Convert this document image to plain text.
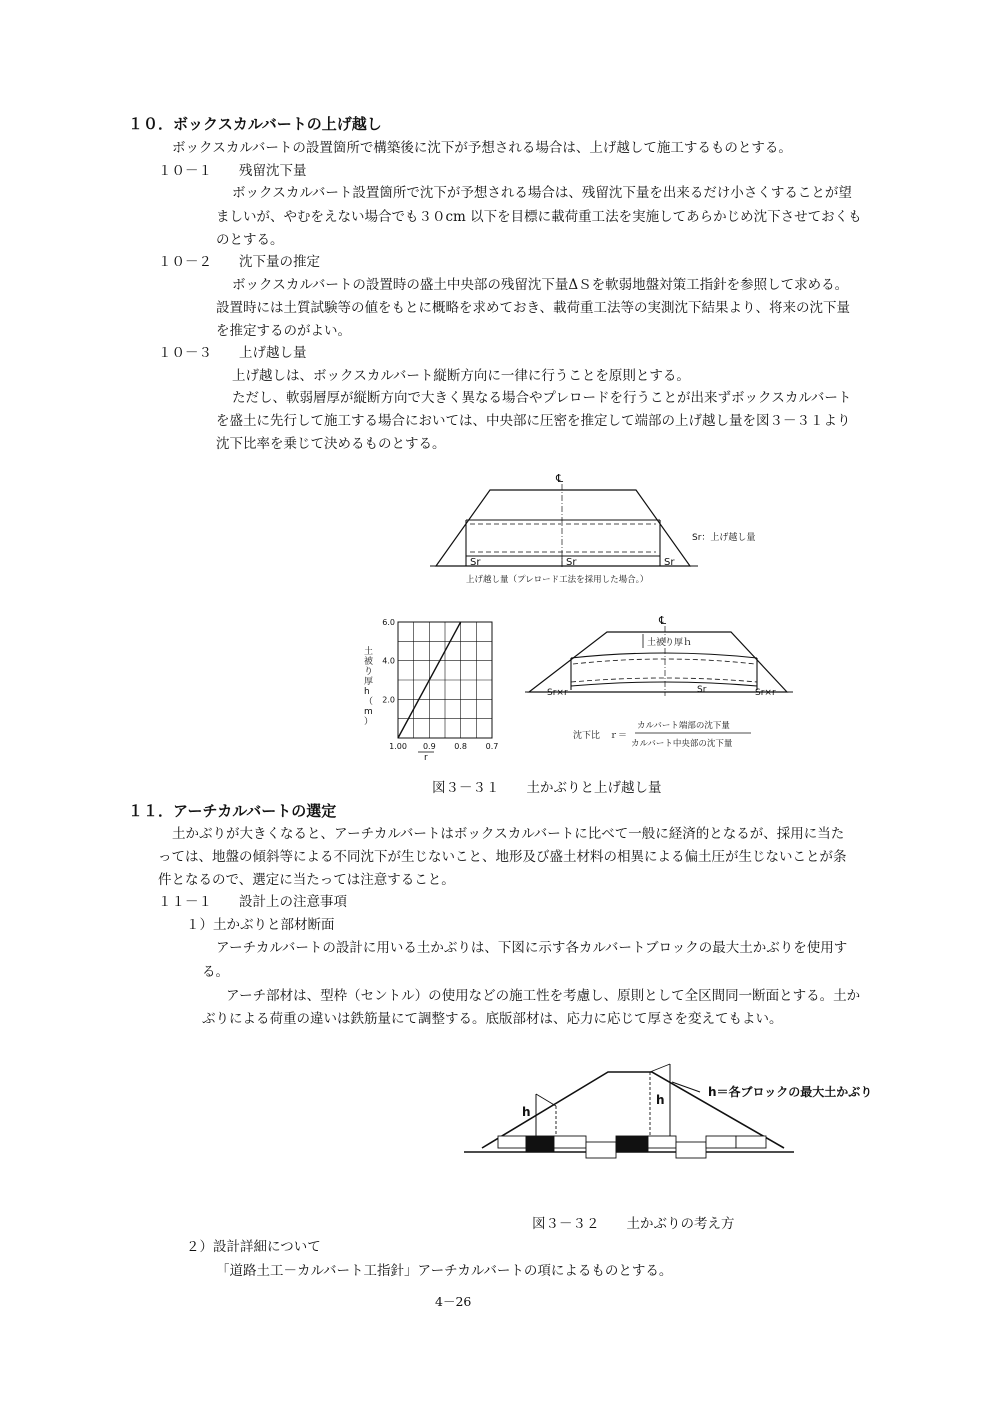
１０．ボックスカルバートの上げ越し
ボックスカルバートの設置箇所で構築後に沈下が予想される場合は、上げ越して施工するものとする。
１０－１　　残留沈下量
ボックスカルバート設置箇所で沈下が予想される場合は、残留沈下量を出来るだけ小さくすることが望
ましいが、やむをえない場合でも３０cm 以下を目標に載荷重工法を実施してあらかじめ沈下させておくも
のとする。
１０－２　　沈下量の推定
ボックスカルバートの設置時の盛土中央部の残留沈下量ΔＳを軟弱地盤対策工指針を参照して求める。
設置時には土質試験等の値をもとに概略を求めておき、載荷重工法等の実測沈下結果より、将来の沈下量
を推定するのがよい。
１０－３　　上げ越し量
上げ越しは、ボックスカルバート縦断方向に一律に行うことを原則とする。
ただし、軟弱層厚が縦断方向で大きく異なる場合やプレロードを行うことが出来ずボックスカルバート
を盛土に先行して施工する場合においては、中央部に圧密を推定して端部の上げ越し量を図３－３１より
沈下比率を乗じて決めるものとする。
℄
Sr	Sr	Sr
Sr：上げ越し量
上げ越し量（プレロード工法を採用した場合。）
2.0
4.0
6.0
1.00 0.9 0.8 0.7
土被り厚 h （ m ）
r
℄
土被り厚ｈ
Sr×r	Sr	Sr×r
沈下比　ｒ＝
カルバート端部の沈下量
カルバート中央部の沈下量
図３－３１　　土かぶりと上げ越し量
１１．アーチカルバートの選定
土かぶりが大きくなると、アーチカルバートはボックスカルバートに比べて一般に経済的となるが、採用に当た
っては、地盤の傾斜等による不同沈下が生じないこと、地形及び盛土材料の相異による偏土圧が生じないことが条
件となるので、選定に当たっては注意すること。
１１－１　　設計上の注意事項
１）土かぶりと部材断面
アーチカルバートの設計に用いる土かぶりは、下図に示す各カルバートブロックの最大土かぶりを使用す
る。
アーチ部材は、型枠（セントル）の使用などの施工性を考慮し、原則として全区間同一断面とする。土か
ぶりによる荷重の違いは鉄筋量にて調整する。底版部材は、応力に応じて厚さを変えてもよい。
h
h
h＝各ブロックの最大土かぶり
図３－３２　　土かぶりの考え方
２）設計詳細について
「道路土工－カルバート工指針」アーチカルバートの項によるものとする。
4－26
